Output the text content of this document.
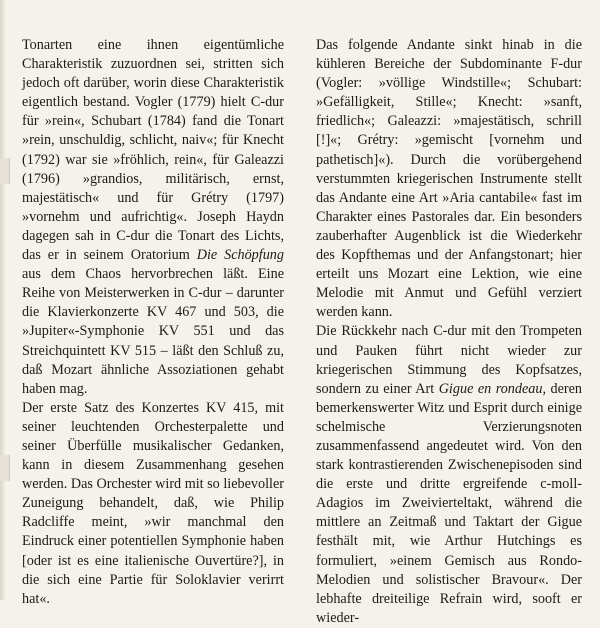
Tonarten eine ihnen eigentümliche Charakteristik zuzuordnen sei, stritten sich jedoch oft darüber, worin diese Charakteristik eigentlich bestand. Vogler (1779) hielt C-dur für »rein«, Schubart (1784) fand die Tonart »rein, unschuldig, schlicht, naiv«; für Knecht (1792) war sie »fröhlich, rein«, für Galeazzi (1796) »grandios, militärisch, ernst, majestätisch« und für Grétry (1797) »vornehm und aufrichtig«. Joseph Haydn dagegen sah in C-dur die Tonart des Lichts, das er in seinem Oratorium Die Schöpfung aus dem Chaos hervorbrechen läßt. Eine Reihe von Meisterwerken in C-dur – darunter die Klavierkonzerte KV 467 und 503, die »Jupiter«-Symphonie KV 551 und das Streichquintett KV 515 – läßt den Schluß zu, daß Mozart ähnliche Assoziationen gehabt haben mag.

Der erste Satz des Konzertes KV 415, mit seiner leuchtenden Orchesterpalette und seiner Überfülle musikalischer Gedanken, kann in diesem Zusammenhang gesehen werden. Das Orchester wird mit so liebevoller Zuneigung behandelt, daß, wie Philip Radcliffe meint, »wir manchmal den Eindruck einer potentiellen Symphonie haben [oder ist es eine italienische Ouvertüre?], in die sich eine Partie für Soloklavier verirrt hat«.

Das folgende Andante sinkt hinab in die kühleren Bereiche der Subdominante F-dur (Vogler: »völlige Windstille«; Schubart: »Gefälligkeit, Stille«; Knecht: »sanft, friedlich«; Galeazzi: »majestätisch, schrill [!]«; Grétry: »gemischt [vornehm und pathetisch]«). Durch die vorübergehend verstummten kriegerischen Instrumente stellt das Andante eine Art »Aria cantabile« fast im Charakter eines Pastorales dar. Ein besonders zauberhafter Augenblick ist die Wiederkehr des Kopfthemas und der Anfangstonart; hier erteilt uns Mozart eine Lektion, wie eine Melodie mit Anmut und Gefühl verziert werden kann.

Die Rückkehr nach C-dur mit den Trompeten und Pauken führt nicht wieder zur kriegerischen Stimmung des Kopfsatzes, sondern zu einer Art Gigue en rondeau, deren bemerkenswerter Witz und Esprit durch einige schelmische Verzierungsnoten zusammenfassend angedeutet wird. Von den stark kontrastierenden Zwischenepisoden sind die erste und dritte ergreifende c-moll-Adagios im Zweivierteltakt, während die mittlere an Zeitmaß und Taktart der Gigue festhält mit, wie Arthur Hutchings es formuliert, »einem Gemisch aus Rondo-Melodien und solistischer Bravour«. Der lebhafte dreiteilige Refrain wird, sooft er wieder-
